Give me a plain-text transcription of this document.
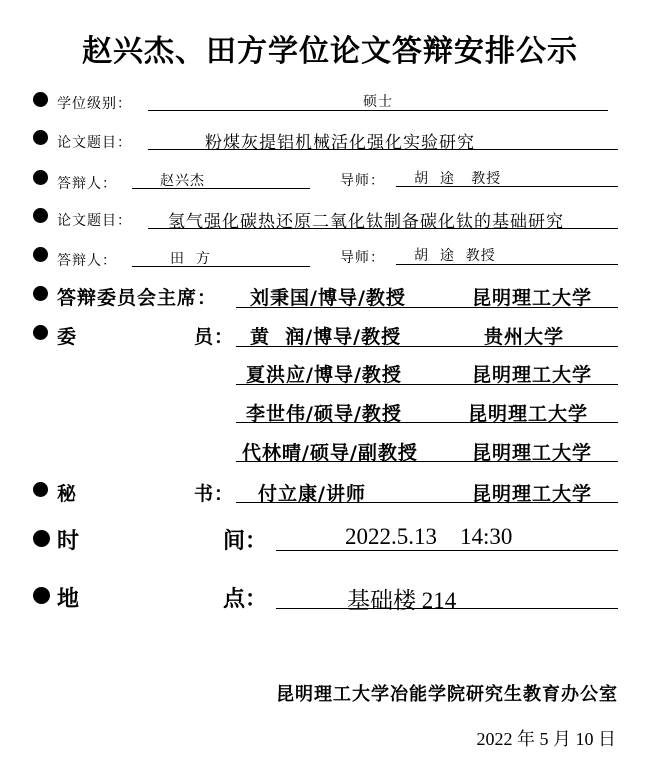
赵兴杰、田方学位论文答辩安排公示
学位级别：	硕士
论文题目：	粉煤灰提铝机械活化强化实验研究
答辩人：	赵兴杰	导师： 胡  途   教授
论文题目： 氢气强化碳热还原二氧化钛制备碳化钛的基础研究
答辩人：	田  方	导师： 胡  途  教授
答辩委员会主席： 刘秉国/博导/教授	昆明理工大学
委	员： 黄  润/博导/教授	贵州大学
夏洪应/博导/教授	昆明理工大学
李世伟/硕导/教授	昆明理工大学
代林晴/硕导/副教授	昆明理工大学
秘	书： 付立康/讲师	昆明理工大学
时	间：	2022.5.13    14:30
地	点：	基础楼 214
昆明理工大学冶能学院研究生教育办公室
2022 年 5 月 10 日
